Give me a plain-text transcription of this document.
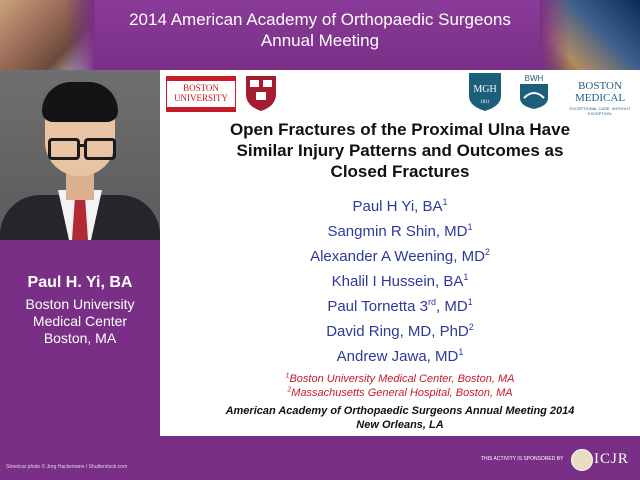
2014 American Academy of Orthopaedic Surgeons
Annual Meeting
Paul H. Yi, BA
Boston University
Medical Center
Boston, MA
BOSTON
UNIVERSITY
MGH
1811
BWH
BOSTON
MEDICAL
EXCEPTIONAL CARE. WITHOUT EXCEPTION.
Open Fractures of the Proximal Ulna Have
Similar Injury Patterns and Outcomes as
Closed Fractures
Paul H Yi, $BA^1$
Sangmin R Shin, $MD^1$
Alexander A Weening, $MD^2$
Khalil I Hussein, $BA^1$
Paul Tornetta 3rd, $MD^1$
David Ring, MD, PhD$^2$
Andrew Jawa, $MD^1$
$^1$Boston University Medical Center, Boston, MA
$^2$Massachusetts General Hospital, Boston, MA
American Academy of Orthopaedic Surgeons Annual Meeting 2014
New Orleans, LA
Streetcar photo © Jorg Hackemann / Shutterstock.com
THIS ACTIVITY IS SPONSORED BY ICJR
